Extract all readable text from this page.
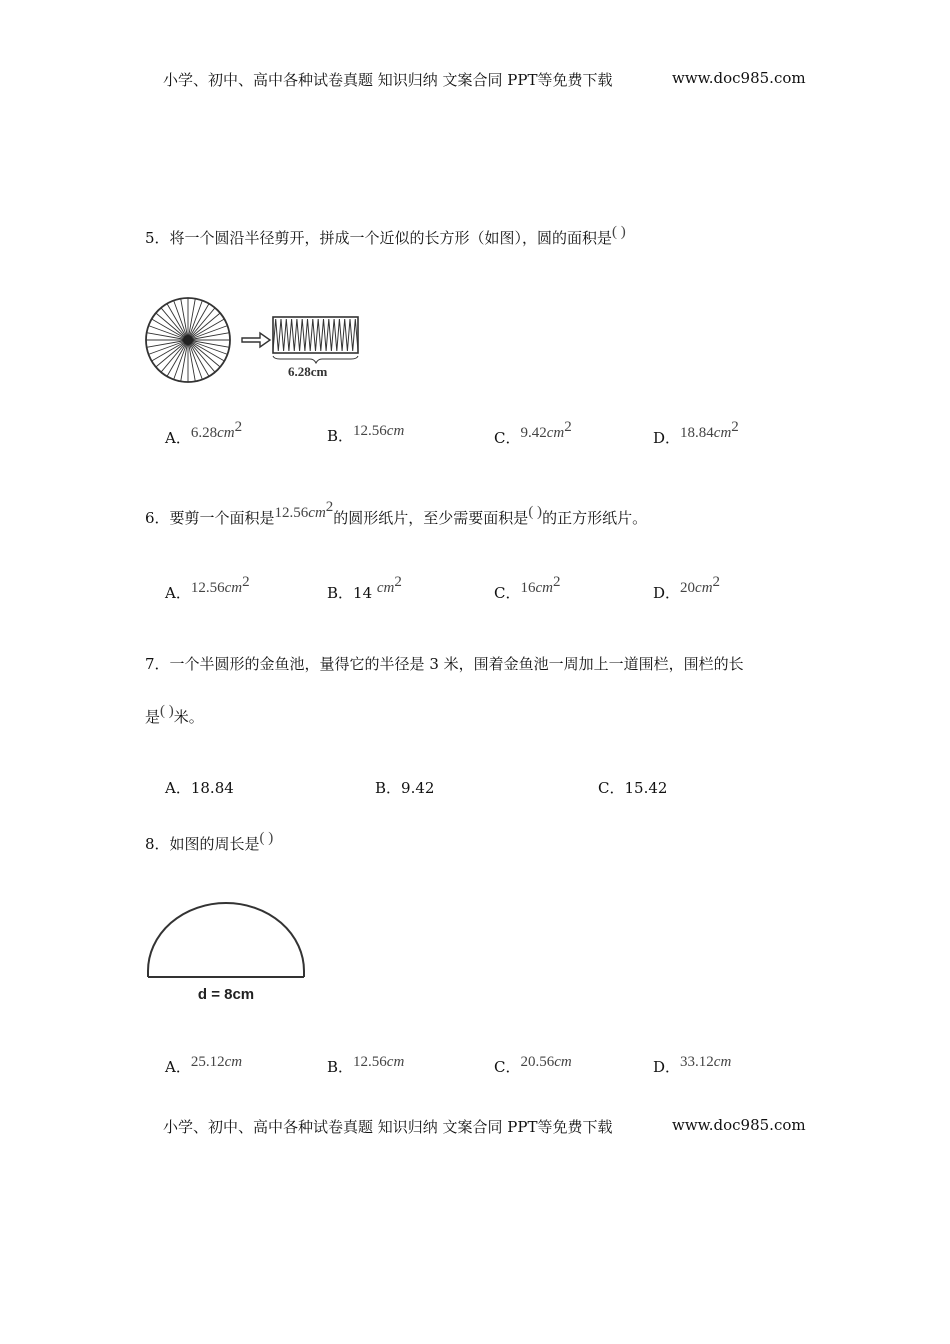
小学、初中、高中各种试卷真题 知识归纳 文案合同 PPT等免费下载	www.doc985.com
5．将一个圆沿半径剪开，拼成一个近似的长方形（如图），圆的面积是( )
6.28cm
A．$6.28cm^2$	B．12.56cm	C．$9.42cm^2$
D．$18.84cm^2$
6．要剪一个面积是$12.56cm^2$的圆形纸片，至少需要面积是( )的正方形纸片。
A．$12.56cm^2$
B．14 $cm^2$
C．$16cm^2$
D．$20cm^2$
7．一个半圆形的金鱼池，量得它的半径是 3 米，围着金鱼池一周加上一道围栏，围栏的长
是( )米。
A．18.84	B．9.42	C．15.42
8．如图的周长是( )
d = 8cm
A．25.12cm	B．12.56cm	C．20.56cm	D．33.12cm
小学、初中、高中各种试卷真题 知识归纳 文案合同 PPT等免费下载	www.doc985.com
